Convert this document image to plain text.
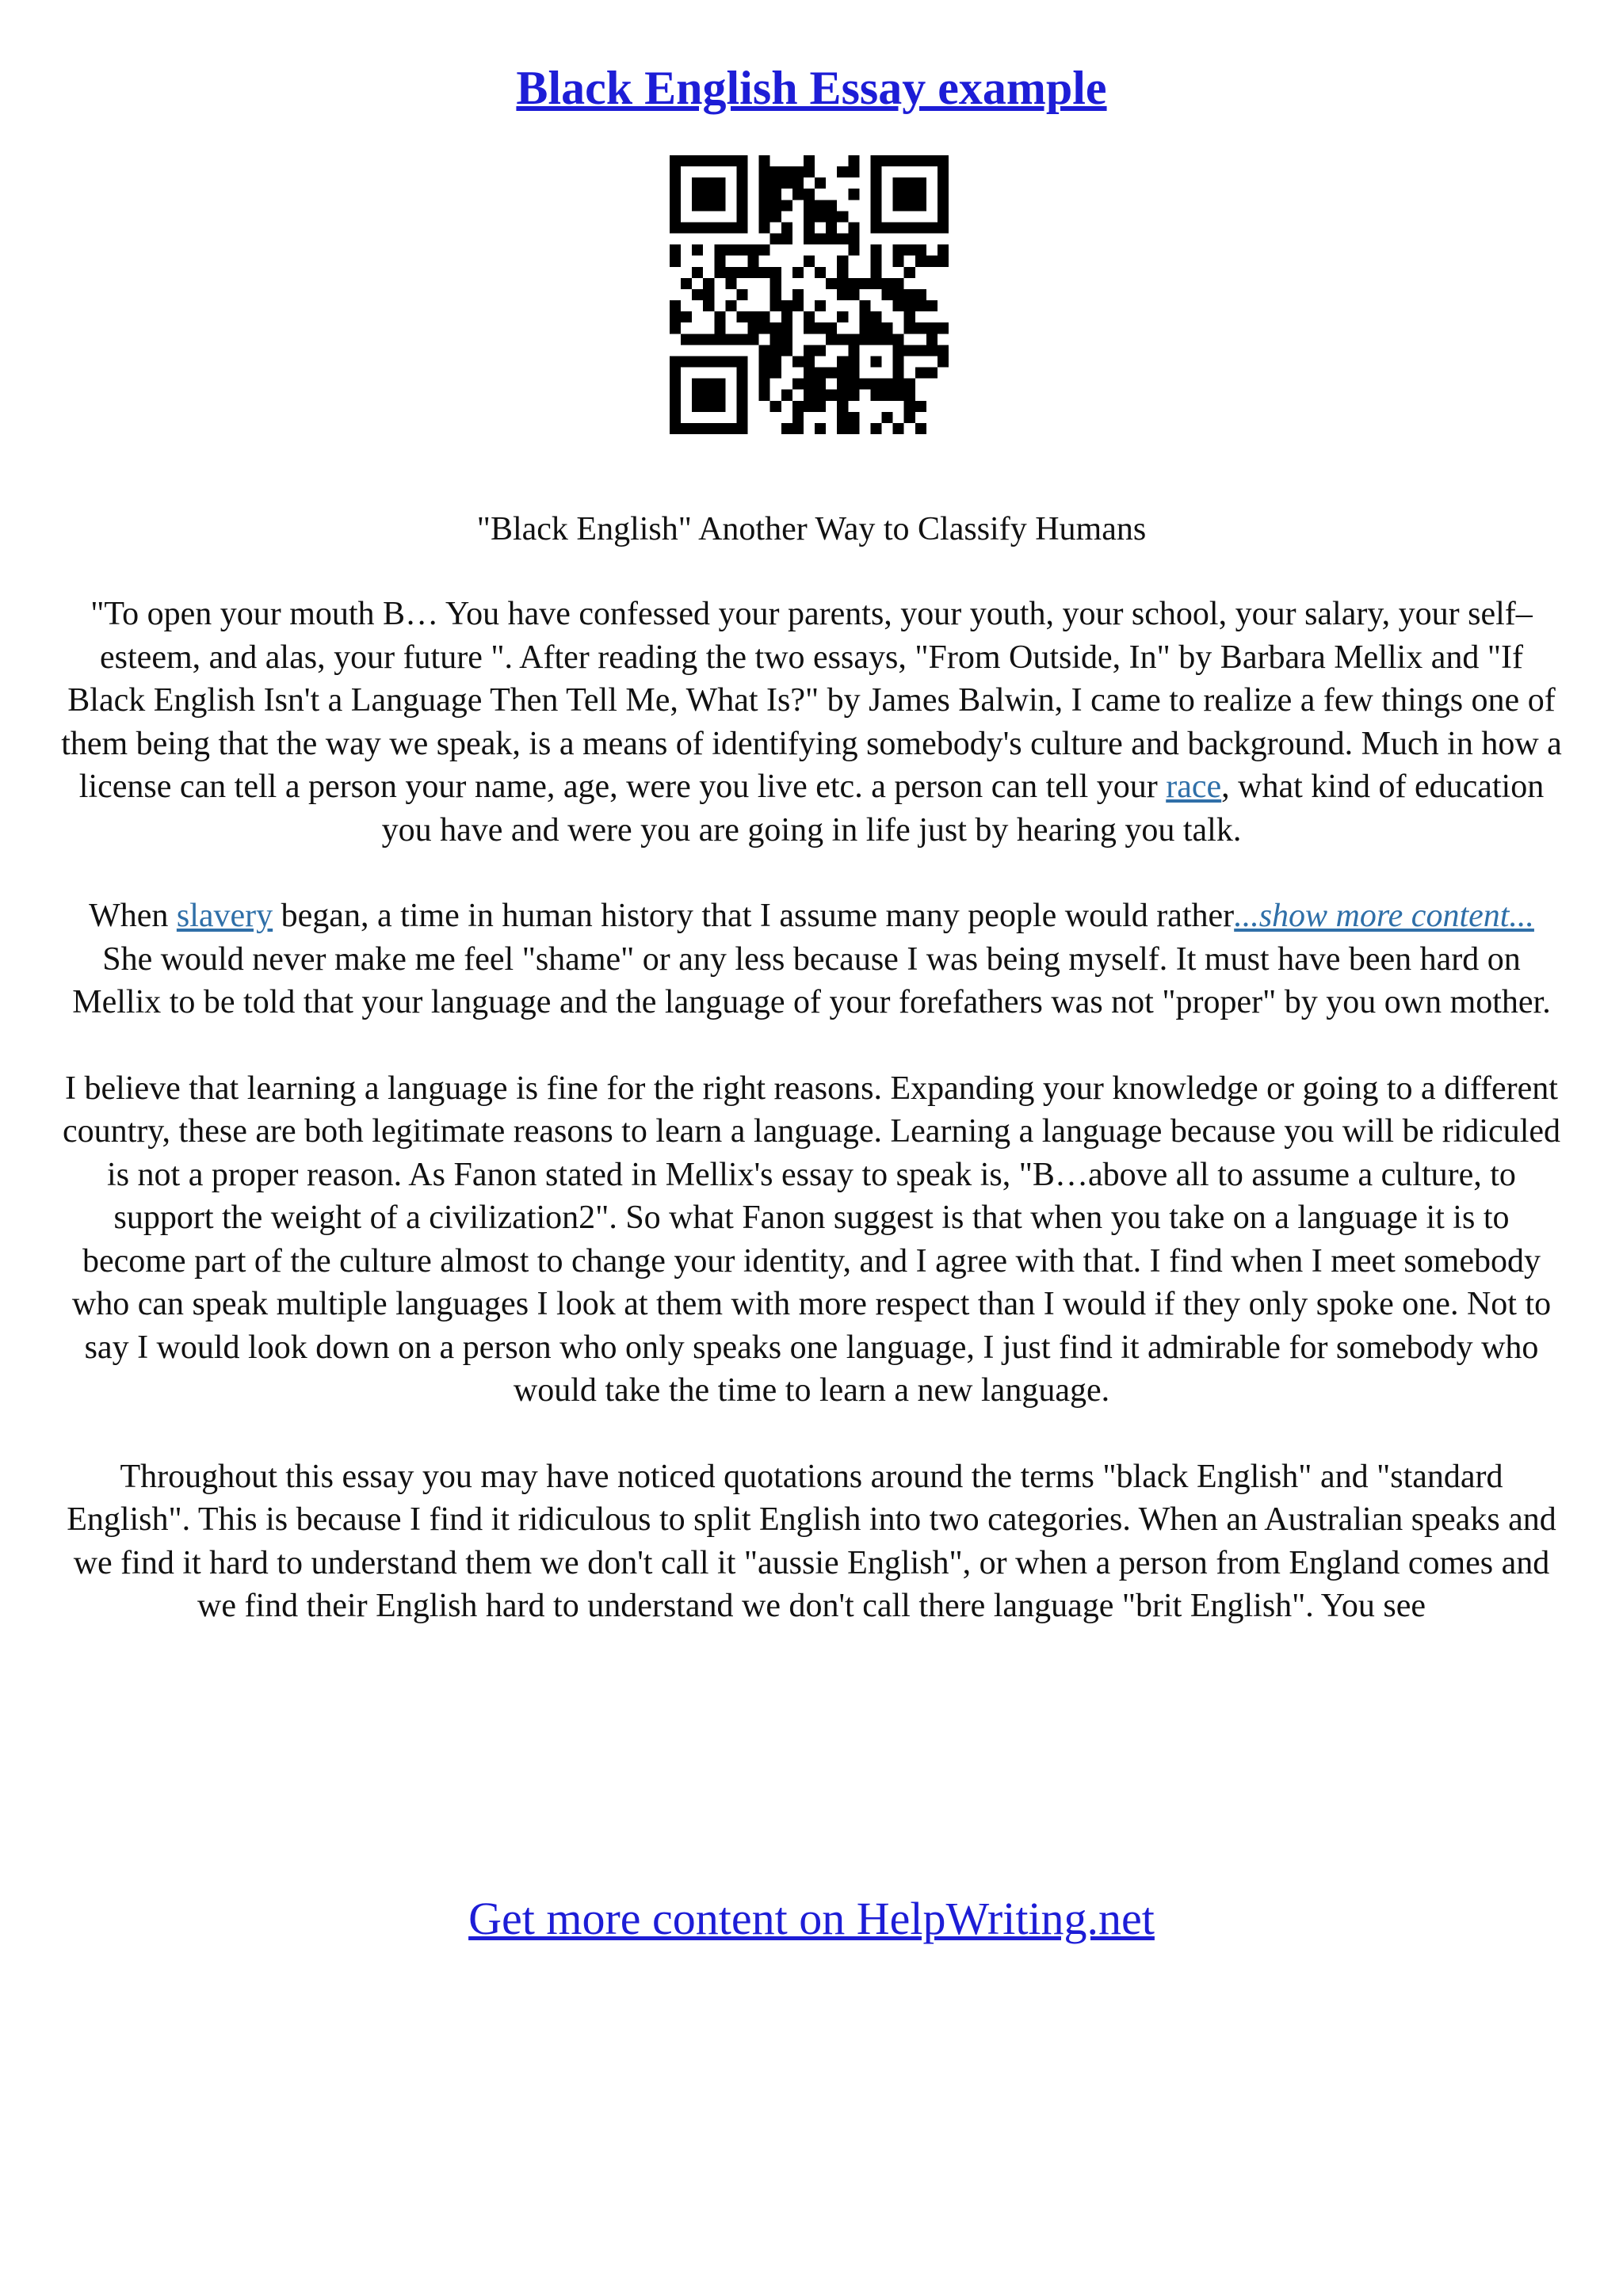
Black English Essay example
"Black English" Another Way to Classify Humans

"To open your mouth B… You have confessed your parents, your youth, your school, your salary, your self–esteem, and alas, your future ". After reading the two essays, "From Outside, In" by Barbara Mellix and "If Black English Isn't a Language Then Tell Me, What Is?" by James Balwin, I came to realize a few things one of them being that the way we speak, is a means of identifying somebody's culture and background. Much in how a license can tell a person your name, age, were you live etc. a person can tell your race, what kind of education you have and were you are going in life just by hearing you talk.

When slavery began, a time in human history that I assume many people would rather...show more content...

She would never make me feel "shame" or any less because I was being myself. It must have been hard on Mellix to be told that your language and the language of your forefathers was not "proper" by you own mother.

I believe that learning a language is fine for the right reasons. Expanding your knowledge or going to a different country, these are both legitimate reasons to learn a language. Learning a language because you will be ridiculed is not a proper reason. As Fanon stated in Mellix's essay to speak is, "B…above all to assume a culture, to support the weight of a civilization2". So what Fanon suggest is that when you take on a language it is to become part of the culture almost to change your identity, and I agree with that. I find when I meet somebody who can speak multiple languages I look at them with more respect than I would if they only spoke one. Not to say I would look down on a person who only speaks one language, I just find it admirable for somebody who would take the time to learn a new language.

Throughout this essay you may have noticed quotations around the terms "black English" and "standard English". This is because I find it ridiculous to split English into two categories. When an Australian speaks and we find it hard to understand them we don't call it "aussie English", or when a person from England comes and we find their English hard to understand we don't call there language "brit English". You see

Get more content on HelpWriting.net
